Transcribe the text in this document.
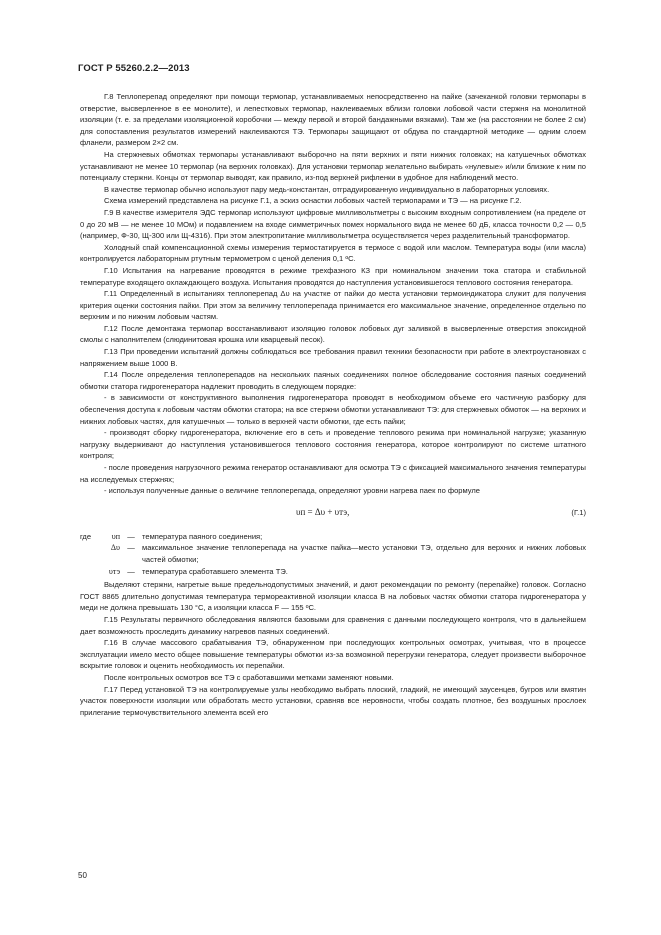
ГОСТ Р 55260.2.2—2013

Г.8 Теплоперепад определяют при помощи термопар, устанавливаемых непосредственно на пайке (зачеканкой головки термопары в отверстие, высверленное в ее монолите), и лепестковых термопар, наклеиваемых вблизи головки лобовой части стержня на монолитной изоляции (т. е. за пределами изоляционной коробочки — между первой и второй бандажными вязками). Там же (на расстоянии не более 2 см) для сопоставления результатов измерений наклеиваются ТЭ. Термопары защищают от обдува по стандартной методике — одним слоем фланели, размером 2×2 см.

На стержневых обмотках термопары устанавливают выборочно на пяти верхних и пяти нижних головках; на катушечных обмотках устанавливают не менее 10 термопар (на верхних головках). Для установки термопар желательно выбирать «нулевые» и/или близкие к ним по потенциалу стержни. Концы от термопар выводят, как правило, из-под верхней рифленки в удобное для наблюдений место.

В качестве термопар обычно используют пару медь-константан, отградуированную индивидуально в лабораторных условиях.

Схема измерений представлена на рисунке Г.1, а эскиз оснастки лобовых частей термопарами и ТЭ — на рисунке Г.2.

Г.9 В качестве измерителя ЭДС термопар используют цифровые милливольтметры с высоким входным сопротивлением (на пределе от 0 до 20 мВ — не менее 10 МОм) и подавлением на входе симметричных помех нормального вида не менее 60 дБ, класса точности 0,2 — 0,5 (например, Ф-30, Щ-300 или Щ-4316). При этом электропитание милливольтметра осуществляется через разделительный трансформатор.

Холодный спай компенсационной схемы измерения термостатируется в термосе с водой или маслом. Температура воды (или масла) контролируется лабораторным ртутным термометром с ценой деления 0,1 ºС.

Г.10 Испытания на нагревание проводятся в режиме трехфазного КЗ при номинальном значении тока статора и стабильной температуре входящего охлаждающего воздуха. Испытания проводятся до наступления установившегося теплового состояния генератора.

Г.11 Определенный в испытаниях теплоперепад Δυ на участке от пайки до места установки термоиндикатора служит для получения критерия оценки состояния пайки. При этом за величину теплоперепада принимается его максимальное значение, определенное отдельно по верхним и по нижним лобовым частям.

Г.12 После демонтажа термопар восстанавливают изоляцию головок лобовых дуг заливкой в высверленные отверстия эпоксидной смолы с наполнителем (слюдинитовая крошка или кварцевый песок).

Г.13 При проведении испытаний должны соблюдаться все требования правил техники безопасности при работе в электроустановках с напряжением выше 1000 В.

Г.14 После определения теплоперепадов на нескольких паяных соединениях полное обследование состояния паяных соединений обмотки статора гидрогенератора надлежит проводить в следующем порядке:

- в зависимости от конструктивного выполнения гидрогенератора проводят в необходимом объеме его частичную разборку для обеспечения доступа к лобовым частям обмотки статора; на все стержни обмотки устанавливают ТЭ: для стержневых обмоток — на верхних и нижних лобовых частях, для катушечных — только в верхней части обмотки, где есть пайки;

- производят сборку гидрогенератора, включение его в сеть и проведение теплового режима при номинальной нагрузке; указанную нагрузку выдерживают до наступления установившегося теплового состояния генератора, которое контролируют по системе штатного контроля;

- после проведения нагрузочного режима генератор останавливают для осмотра ТЭ с фиксацией максимального значения температуры на исследуемых стержнях;

- используя полученные данные о величине теплоперепада, определяют уровни нагрева паек по формуле

υп = Δυ + υтэ,	(Г.1)
где	υп — температура паяного соединения;
Δυ — максимальное значение теплоперепада на участке пайка—место установки ТЭ, отдельно для верхних и нижних лобовых частей обмотки;
υтэ — температура сработавшего элемента ТЭ.

Выделяют стержни, нагретые выше предельнодопустимых значений, и дают рекомендации по ремонту (перепайке) головок. Согласно ГОСТ 8865 длительно допустимая температура термореактивной изоляции класса В на лобовых частях обмотки статора гидрогенератора у меди не должна превышать 130 °С, а изоляции класса F — 155 ºС.

Г.15 Результаты первичного обследования являются базовыми для сравнения с данными последующего контроля, что в дальнейшем дает возможность проследить динамику нагревов паяных соединений.

Г.16 В случае массового срабатывания ТЭ, обнаруженном при последующих контрольных осмотрах, учитывая, что в процессе эксплуатации имело место общее повышение температуры обмотки из-за возможной перегрузки генератора, следует произвести выборочное вскрытие головок и оценить необходимость их перепайки.

После контрольных осмотров все ТЭ с сработавшими метками заменяют новыми.

Г.17 Перед установкой ТЭ на контролируемые узлы необходимо выбрать плоский, гладкий, не имеющий заусенцев, бугров или вмятин участок поверхности изоляции или обработать место установки, сравняв все неровности, чтобы создать плотное, без воздушных прослоек прилегание термочувствительного элемента всей его

50
